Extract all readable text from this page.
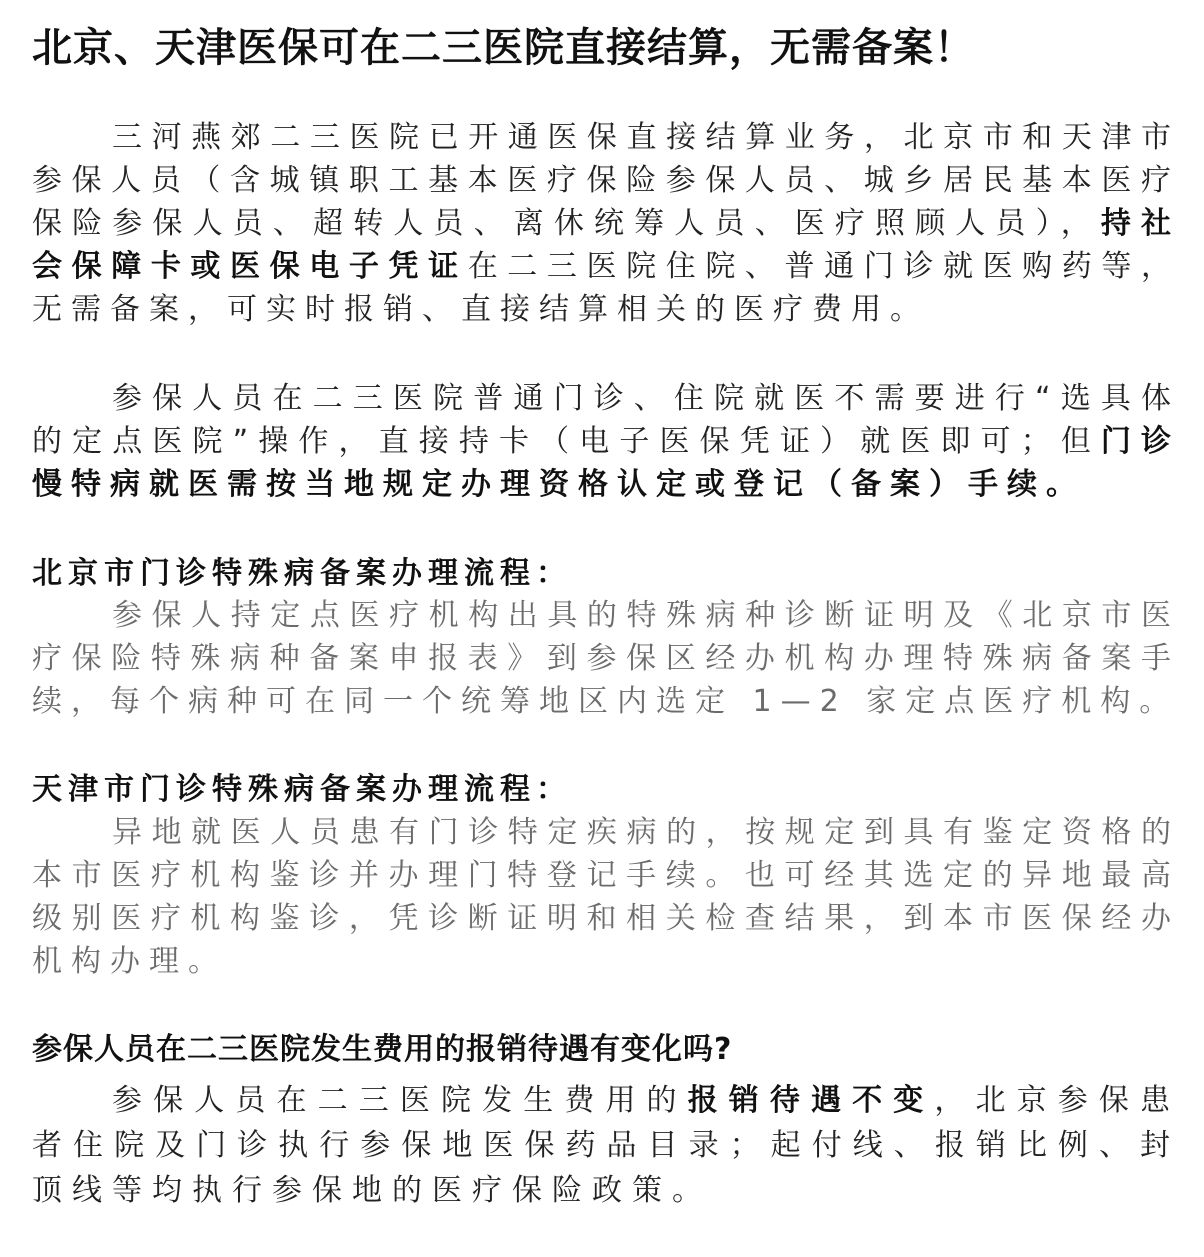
北京、天津医保可在二三医院直接结算，无需备案！
三河燕郊二三医院已开通医保直接结算业务，北京市和天津市参保人员（含城镇职工基本医疗保险参保人员、城乡居民基本医疗保险参保人员、超转人员、离休统筹人员、医疗照顾人员），持社会保障卡或医保电子凭证在二三医院住院、普通门诊就医购药等，无需备案，可实时报销、直接结算相关的医疗费用。
参保人员在二三医院普通门诊、住院就医不需要进行“选具体的定点医院”操作，直接持卡（电子医保凭证）就医即可；但门诊慢特病就医需按当地规定办理资格认定或登记（备案）手续。
北京市门诊特殊病备案办理流程：
参保人持定点医疗机构出具的特殊病种诊断证明及《北京市医疗保险特殊病种备案申报表》到参保区经办机构办理特殊病备案手续，每个病种可在同一个统筹地区内选定 1—2 家定点医疗机构。
天津市门诊特殊病备案办理流程：
异地就医人员患有门诊特定疾病的，按规定到具有鉴定资格的本市医疗机构鉴诊并办理门特登记手续。也可经其选定的异地最高级别医疗机构鉴诊，凭诊断证明和相关检查结果，到本市医保经办机构办理。
参保人员在二三医院发生费用的报销待遇有变化吗?
参保人员在二三医院发生费用的报销待遇不变，北京参保患者住院及门诊执行参保地医保药品目录；起付线、报销比例、封顶线等均执行参保地的医疗保险政策。
